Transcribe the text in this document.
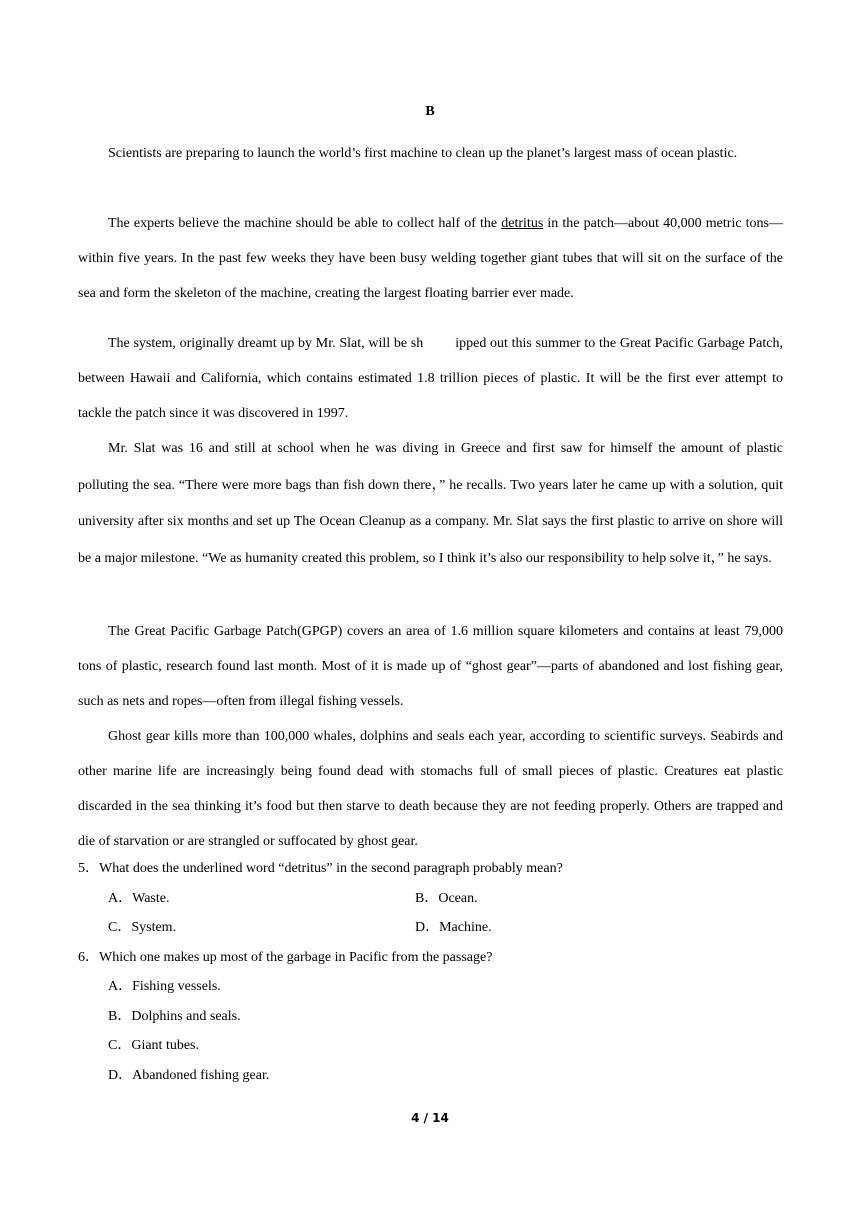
B

Scientists are preparing to launch the world’s first machine to clean up the planet’s largest mass of ocean plastic.

The experts believe the machine should be able to collect half of the detritus in the patch—about 40,000 metric tons—within five years. In the past few weeks they have been busy welding together giant tubes that will sit on the surface of the sea and form the skeleton of the machine, creating the largest floating barrier ever made.

The system, originally dreamt up by Mr. Slat, will be sh ipped out this summer to the Great Pacific Garbage Patch, between Hawaii and California, which contains estimated 1.8 trillion pieces of plastic. It will be the first ever attempt to tackle the patch since it was discovered in 1997.

Mr. Slat was 16 and still at school when he was diving in Greece and first saw for himself the amount of plastic polluting the sea. “There were more bags than fish down there，” he recalls. Two years later he came up with a solution, quit university after six months and set up The Ocean Cleanup as a company. Mr. Slat says the first plastic to arrive on shore will be a major milestone. “We as humanity created this problem, so I think it’s also our responsibility to help solve it，” he says.

The Great Pacific Garbage Patch(GPGP) covers an area of 1.6 million square kilometers and contains at least 79,000 tons of plastic, research found last month. Most of it is made up of “ghost gear”—parts of abandoned and lost fishing gear, such as nets and ropes—often from illegal fishing vessels.

Ghost gear kills more than 100,000 whales, dolphins and seals each year, according to scientific surveys. Seabirds and other marine life are increasingly being found dead with stomachs full of small pieces of plastic. Creatures eat plastic discarded in the sea thinking it’s food but then starve to death because they are not feeding properly. Others are trapped and die of starvation or are strangled or suffocated by ghost gear.

5．What does the underlined word “detritus” in the second paragraph probably mean?
A．Waste.	B．Ocean.
C．System.	D．Machine.
6．Which one makes up most of the garbage in Pacific from the passage?
A．Fishing vessels.
B．Dolphins and seals.
C．Giant tubes.
D．Abandoned fishing gear.
4 / 14
